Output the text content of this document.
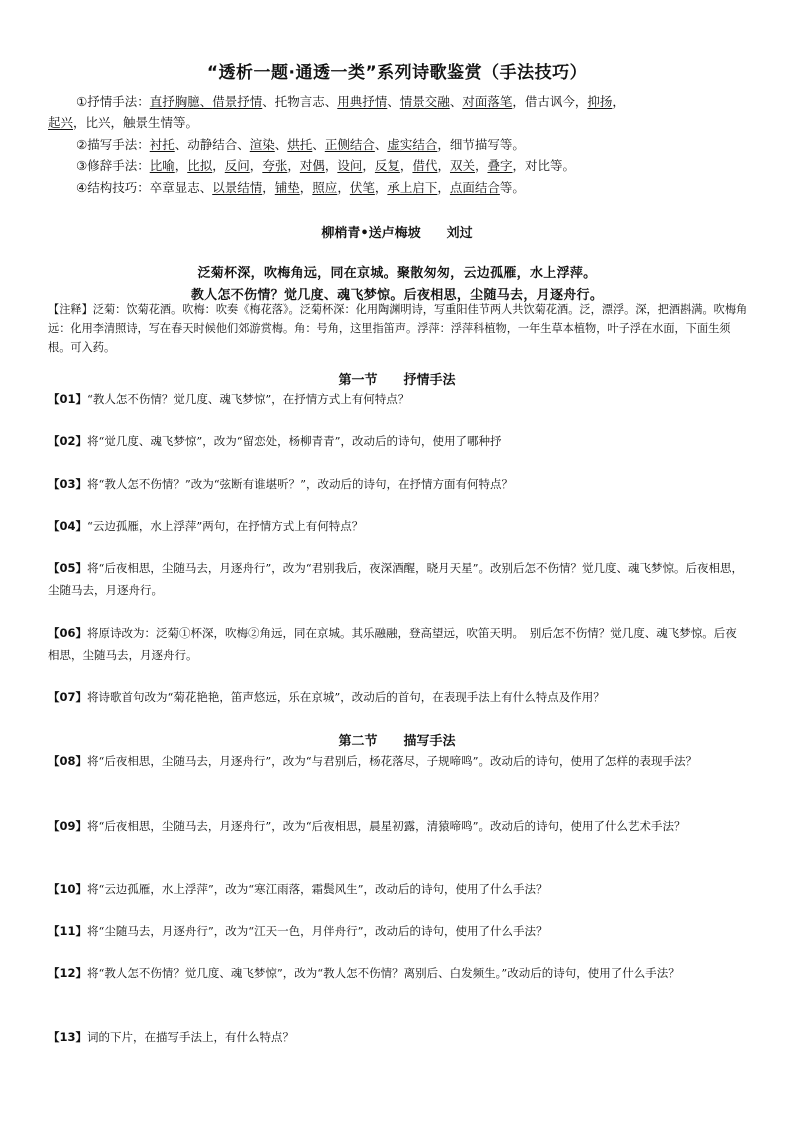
“透析一题·通透一类”系列诗歌鉴赏（手法技巧）
①抒情手法：直抒胸臆、借景抒情、托物言志、用典抒情、情景交融、对面落笔，借古讽今，抑扬，
起兴，比兴，触景生情等。
②描写手法：衬托、动静结合、渲染、烘托、正侧结合、虚实结合，细节描写等。
③修辞手法：比喻，比拟，反问，夸张，对偶，设问，反复，借代，双关，叠字，对比等。
④结构技巧：卒章显志、以景结情，铺垫，照应，伏笔，承上启下，点面结合等。
柳梢青•送卢梅坡　　刘过
泛菊杯深，吹梅角远，同在京城。聚散匆匆，云边孤雁，水上浮萍。
教人怎不伤情？觉几度、魂飞梦惊。后夜相思，尘随马去，月逐舟行。
【注释】泛菊：饮菊花酒。吹梅：吹奏《梅花落》。泛菊杯深：化用陶渊明诗，写重阳佳节两人共饮菊花酒。泛，漂浮。深，把酒斟满。吹梅角远：化用李清照诗，写在春天时候他们郊游赏梅。角：号角，这里指笛声。浮萍：浮萍科植物，一年生草本植物，叶子浮在水面，下面生须根。可入药。
第一节　　抒情手法
【01】“教人怎不伤情？觉几度、魂飞梦惊”，在抒情方式上有何特点？
【02】将“觉几度、魂飞梦惊”，改为“留恋处，杨柳青青”，改动后的诗句，使用了哪种抒
【03】将“教人怎不伤情？”改为“弦断有谁堪听？”，改动后的诗句，在抒情方面有何特点？
【04】“云边孤雁，水上浮萍”两句，在抒情方式上有何特点？
【05】将“后夜相思，尘随马去，月逐舟行”，改为“君别我后，夜深酒醒，晓月天星”。改别后怎不伤情？觉几度、魂飞梦惊。后夜相思，尘随马去，月逐舟行。
【06】将原诗改为：泛菊①杯深，吹梅②角远，同在京城。其乐融融，登高望远，吹笛天明。　别后怎不伤情？觉几度、魂飞梦惊。后夜相思，尘随马去，月逐舟行。
【07】将诗歌首句改为“菊花艳艳，笛声悠远，乐在京城”，改动后的首句，在表现手法上有什么特点及作用？
第二节　　描写手法
【08】将“后夜相思，尘随马去，月逐舟行”，改为“与君别后，杨花落尽，子规啼鸣”。改动后的诗句，使用了怎样的表现手法？
【09】将“后夜相思，尘随马去，月逐舟行”，改为“后夜相思，晨星初露，清猿啼鸣”。改动后的诗句，使用了什么艺术手法？
【10】将“云边孤雁，水上浮萍”，改为“寒江雨落，霜鬓风生”，改动后的诗句，使用了什么手法？
【11】将“尘随马去，月逐舟行”，改为“江天一色，月伴舟行”，改动后的诗句，使用了什么手法？
【12】将“教人怎不伤情？觉几度、魂飞梦惊”，改为“教人怎不伤情？离别后、白发频生。”改动后的诗句，使用了什么手法？
【13】词的下片，在描写手法上，有什么特点？
